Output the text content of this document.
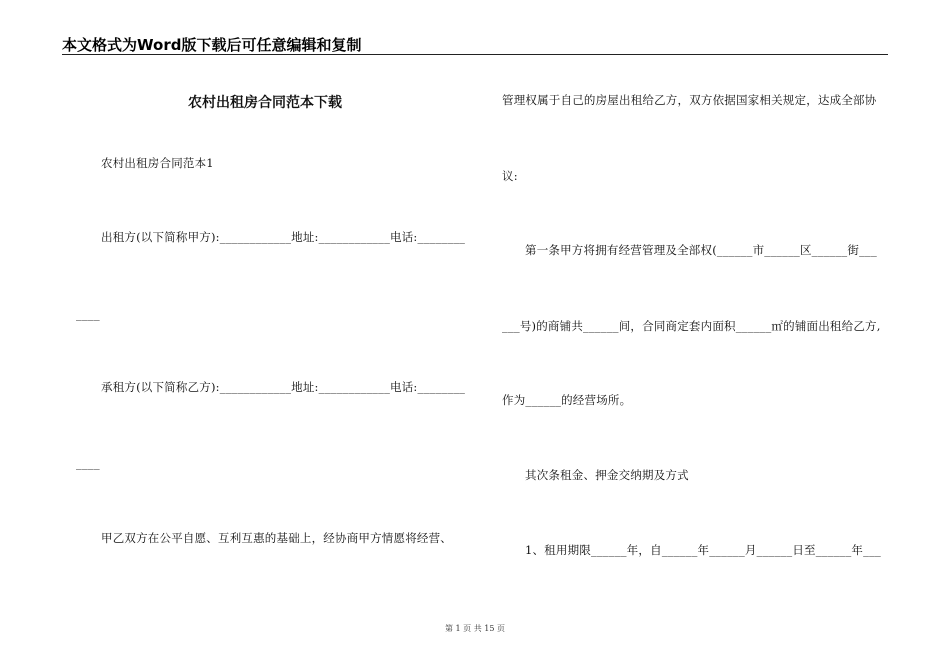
本文格式为Word版下载后可任意编辑和复制
农村出租房合同范本下载
农村出租房合同范本1
出租方(以下简称甲方):____________地址:____________电话:________
____
承租方(以下简称乙方):____________地址:____________电话:________
____
甲乙双方在公平自愿、互利互惠的基础上，经协商甲方情愿将经营、
管理权属于自己的房屋出租给乙方，双方依据国家相关规定，达成全部协
议:
第一条甲方将拥有经营管理及全部权(______市______区______街___
___号)的商铺共______间，合同商定套内面积______㎡的铺面出租给乙方,
作为______的经营场所。
其次条租金、押金交纳期及方式
1、租用期限______年，自______年______月______日至______年___
第 1 页 共 15 页
